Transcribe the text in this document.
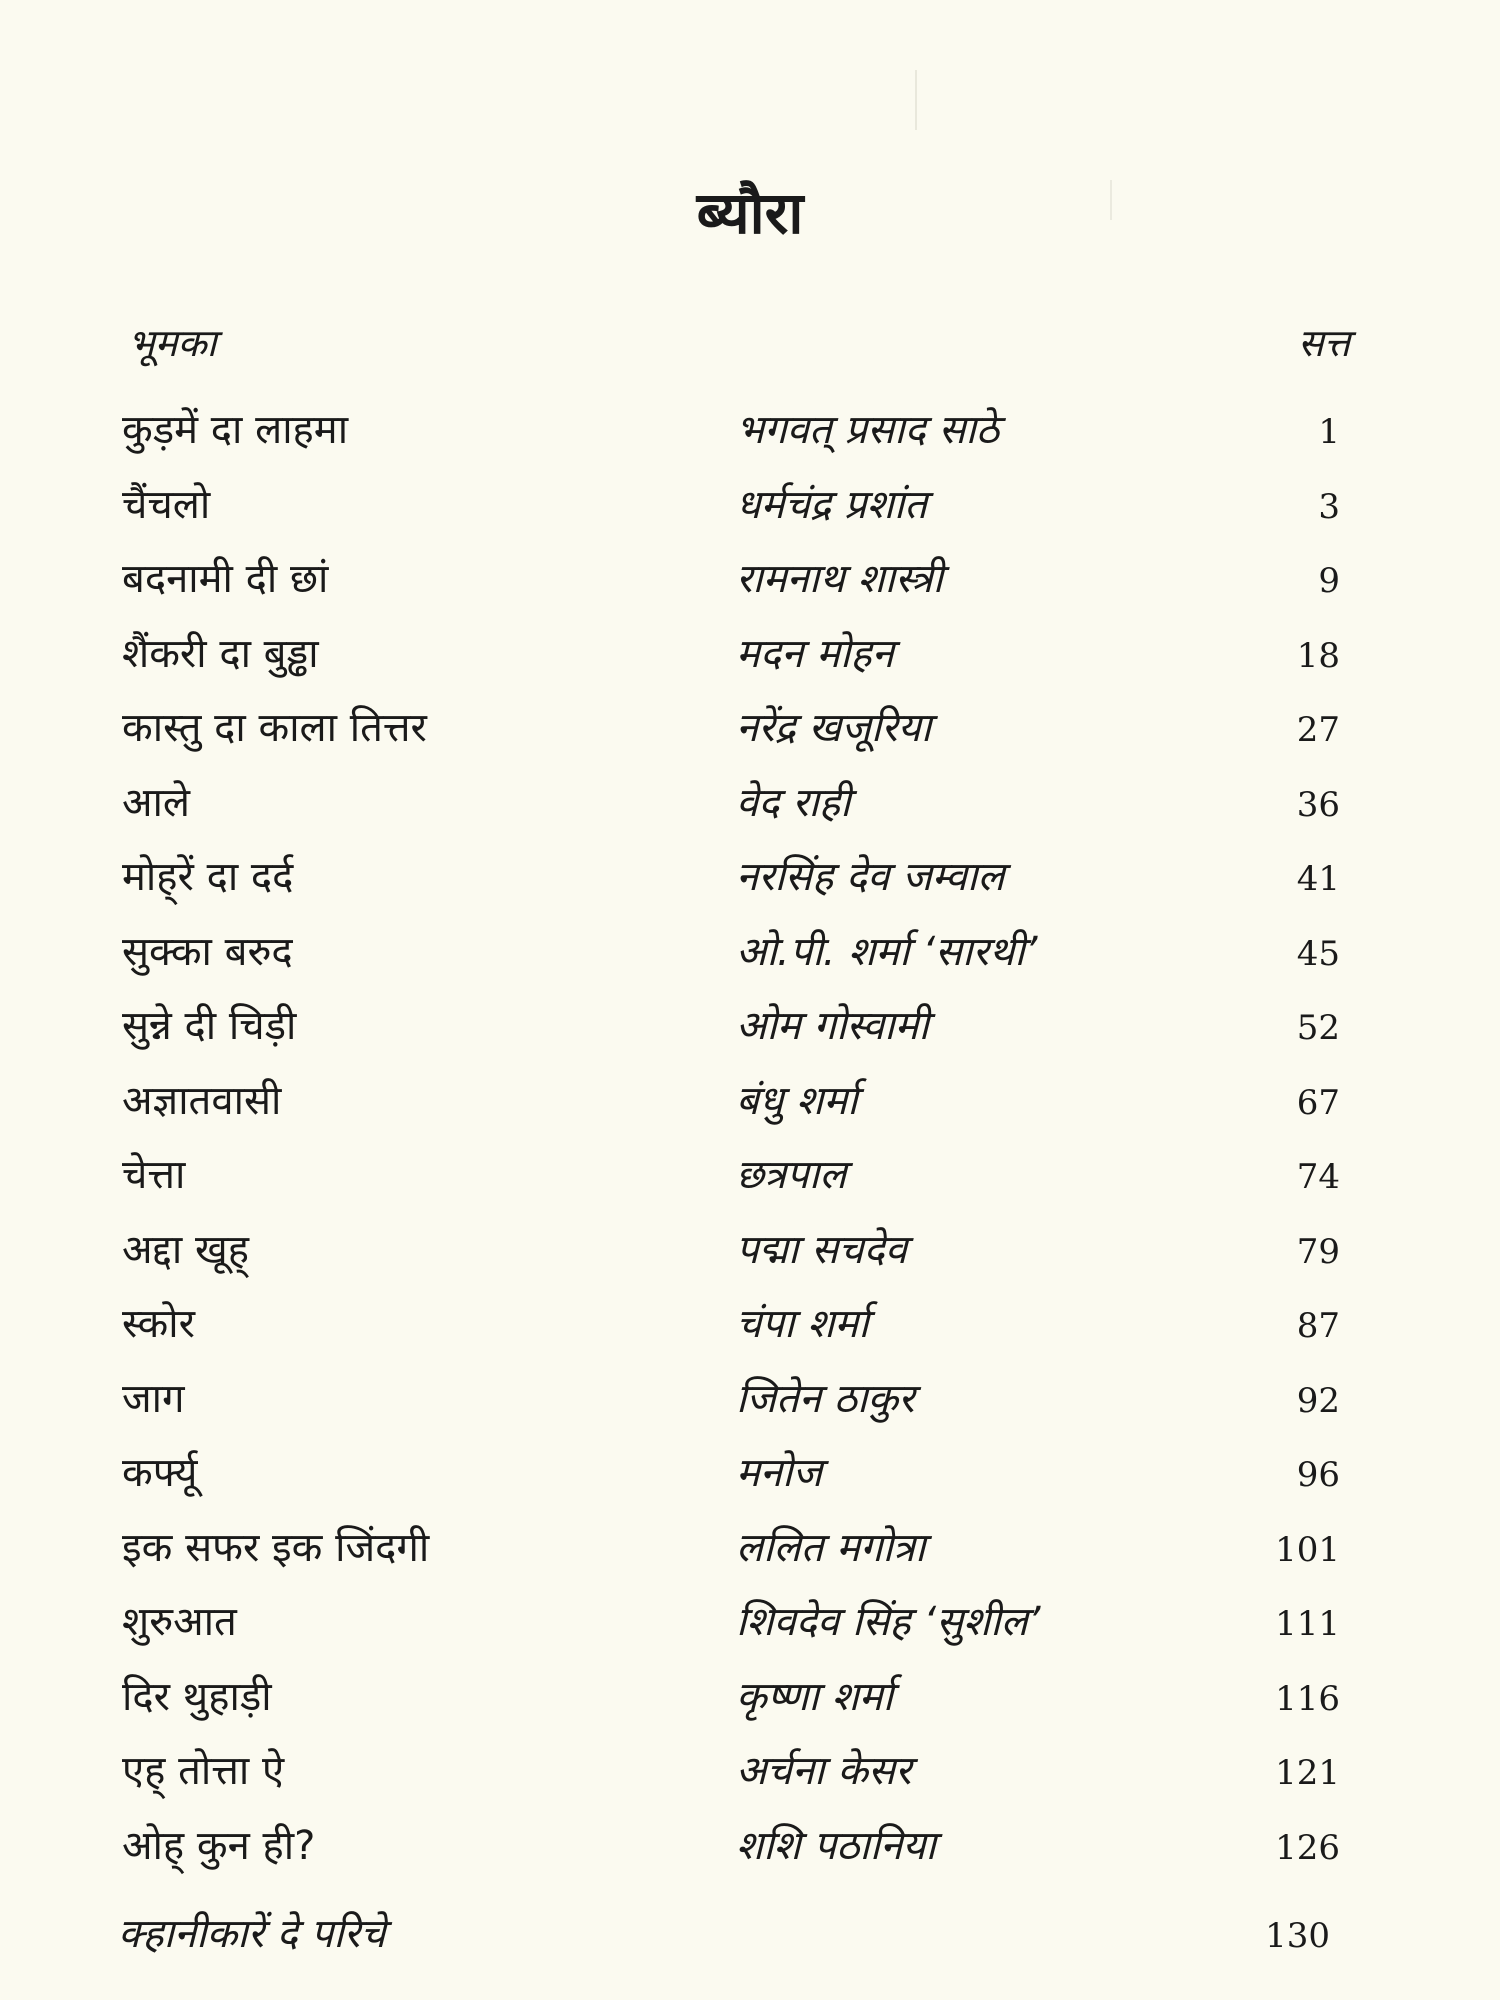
ब्यौरा
भूमका	सत्त
कुड़में दा लाहमा	भगवत् प्रसाद साठे	1
चैंचलो	धर्मचंद्र प्रशांत	3
बदनामी दी छां	रामनाथ शास्त्री	9
शैंकरी दा बुड्ढा	मदन मोहन	18
कास्तु दा काला तित्तर	नरेंद्र खजूरिया	27
आले	वेद राही	36
मोह्‌रें दा दर्द	नरसिंह देव जम्वाल	41
सुक्का बरुद	ओ.पी. शर्मा ‘सारथी’	45
सुन्ने दी चिड़ी	ओम गोस्वामी	52
अज्ञातवासी	बंधु शर्मा	67
चेत्ता	छत्रपाल	74
अद्दा खूह्	पद्मा सचदेव	79
स्कोर	चंपा शर्मा	87
जाग	जितेन ठाकुर	92
कर्फ्यू	मनोज	96
इक सफर इक जिंदगी	ललित मगोत्रा	101
शुरुआत	शिवदेव सिंह ‘सुशील’	111
दिर थुहाड़ी	कृष्णा शर्मा	116
एह् तोत्ता ऐ	अर्चना केसर	121
ओह् कुन ही?	शशि पठानिया	126
क्हानीकारें दे परिचे	130
